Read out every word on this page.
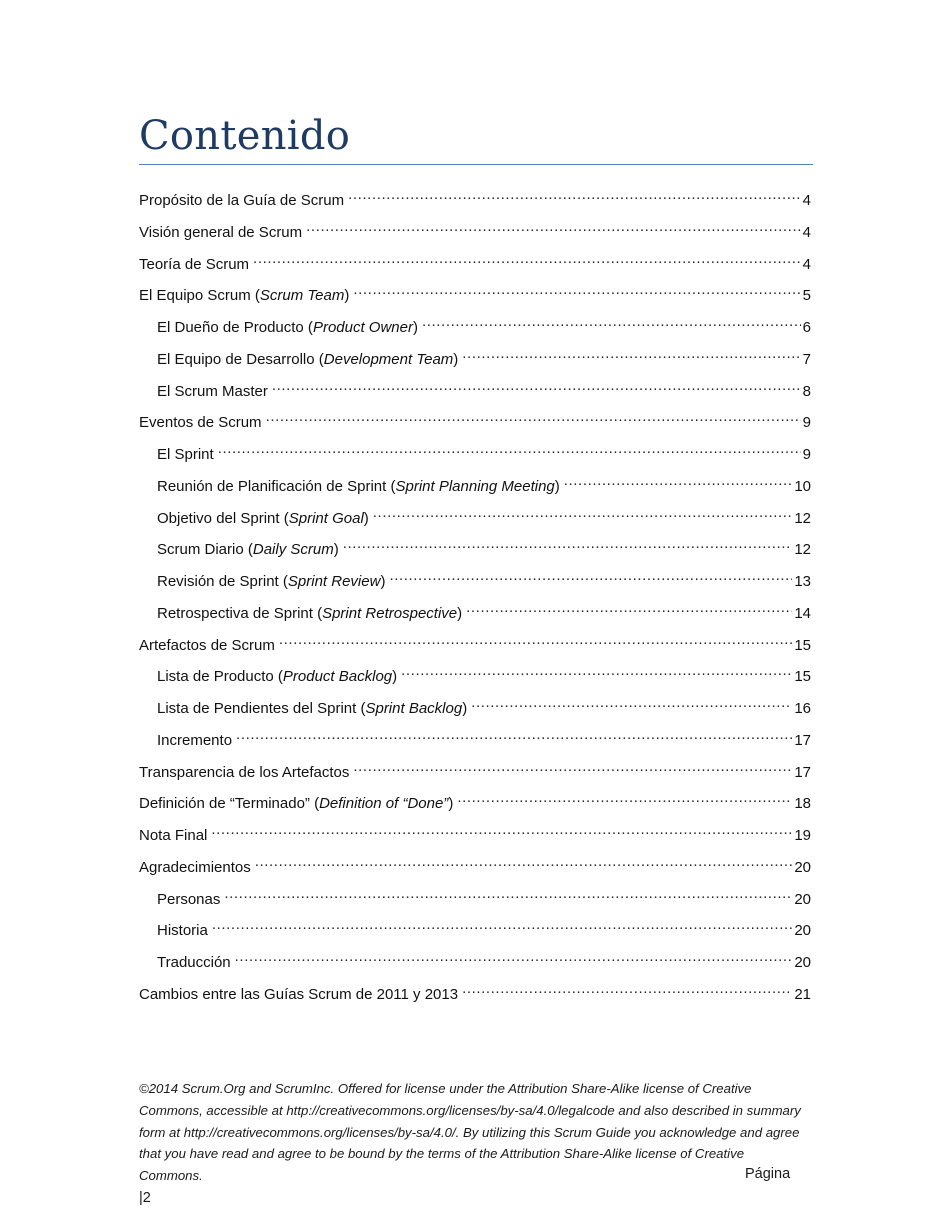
Contenido
Propósito de la Guía de Scrum .....	4
Visión general de Scrum .....	4
Teoría de Scrum .....	4
El Equipo Scrum (Scrum Team) .....	5
El Dueño de Producto (Product Owner) .....	6
El Equipo de Desarrollo (Development Team) .....	7
El Scrum Master .....	8
Eventos de Scrum .....	9
El Sprint .....	9
Reunión de Planificación de Sprint (Sprint Planning Meeting) .....	10
Objetivo del Sprint (Sprint Goal) .....	12
Scrum Diario (Daily Scrum) .....	12
Revisión de Sprint (Sprint Review) .....	13
Retrospectiva de Sprint (Sprint Retrospective) .....	14
Artefactos de Scrum .....	15
Lista de Producto (Product Backlog) .....	15
Lista de Pendientes del Sprint (Sprint Backlog) .....	16
Incremento .....	17
Transparencia de los Artefactos .....	17
Definición de “Terminado” (Definition of “Done”) .....	18
Nota Final .....	19
Agradecimientos .....	20
Personas .....	20
Historia .....	20
Traducción .....	20
Cambios entre las Guías Scrum de 2011 y 2013 .....	21

©2014 Scrum.Org and ScrumInc. Offered for license under the Attribution Share-Alike license of Creative Commons, accessible at http://creativecommons.org/licenses/by-sa/4.0/legalcode and also described in summary form at http://creativecommons.org/licenses/by-sa/4.0/. By utilizing this Scrum Guide you acknowledge and agree that you have read and agree to be bound by the terms of the Attribution Share-Alike license of Creative Commons.	Página
|2
